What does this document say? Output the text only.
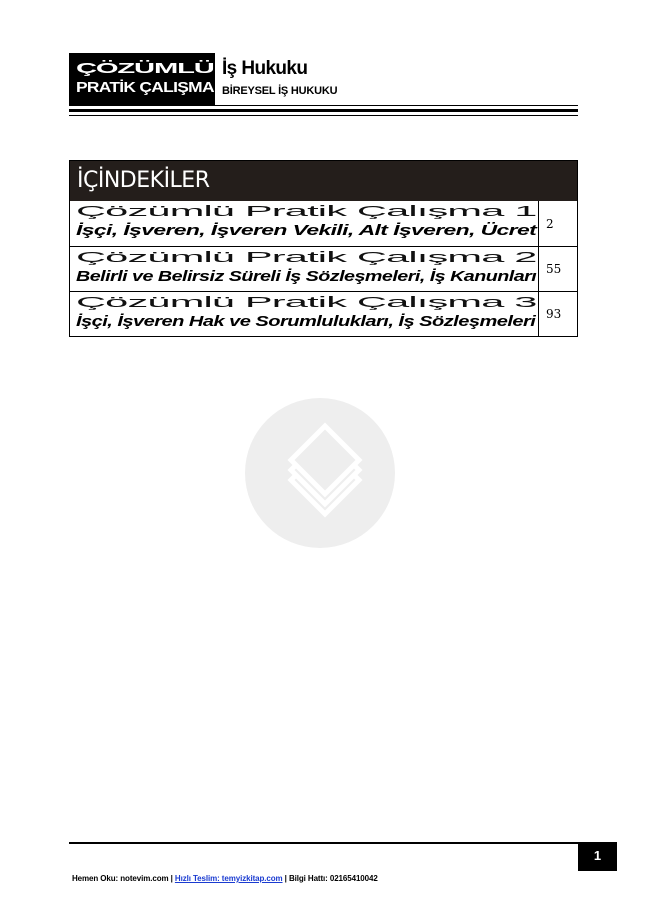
ÇÖZÜMLÜ PRATİK ÇALIŞMA
İş Hukuku
BİREYSEL İŞ HUKUKU
İÇİNDEKİLER
Çözümlü Pratik Çalışma 1 İşçi, İşveren, İşveren Vekili, Alt İşveren, Ücret 2
Çözümlü Pratik Çalışma 2 Belirli ve Belirsiz Süreli İş Sözleşmeleri, İş Kanunları 55
Çözümlü Pratik Çalışma 3 İşçi, İşveren Hak ve Sorumlulukları, İş Sözleşmeleri 93
1
Hemen Oku: notevim.com | Hızlı Teslim: temyizkitap.com | Bilgi Hattı: 02165410042
